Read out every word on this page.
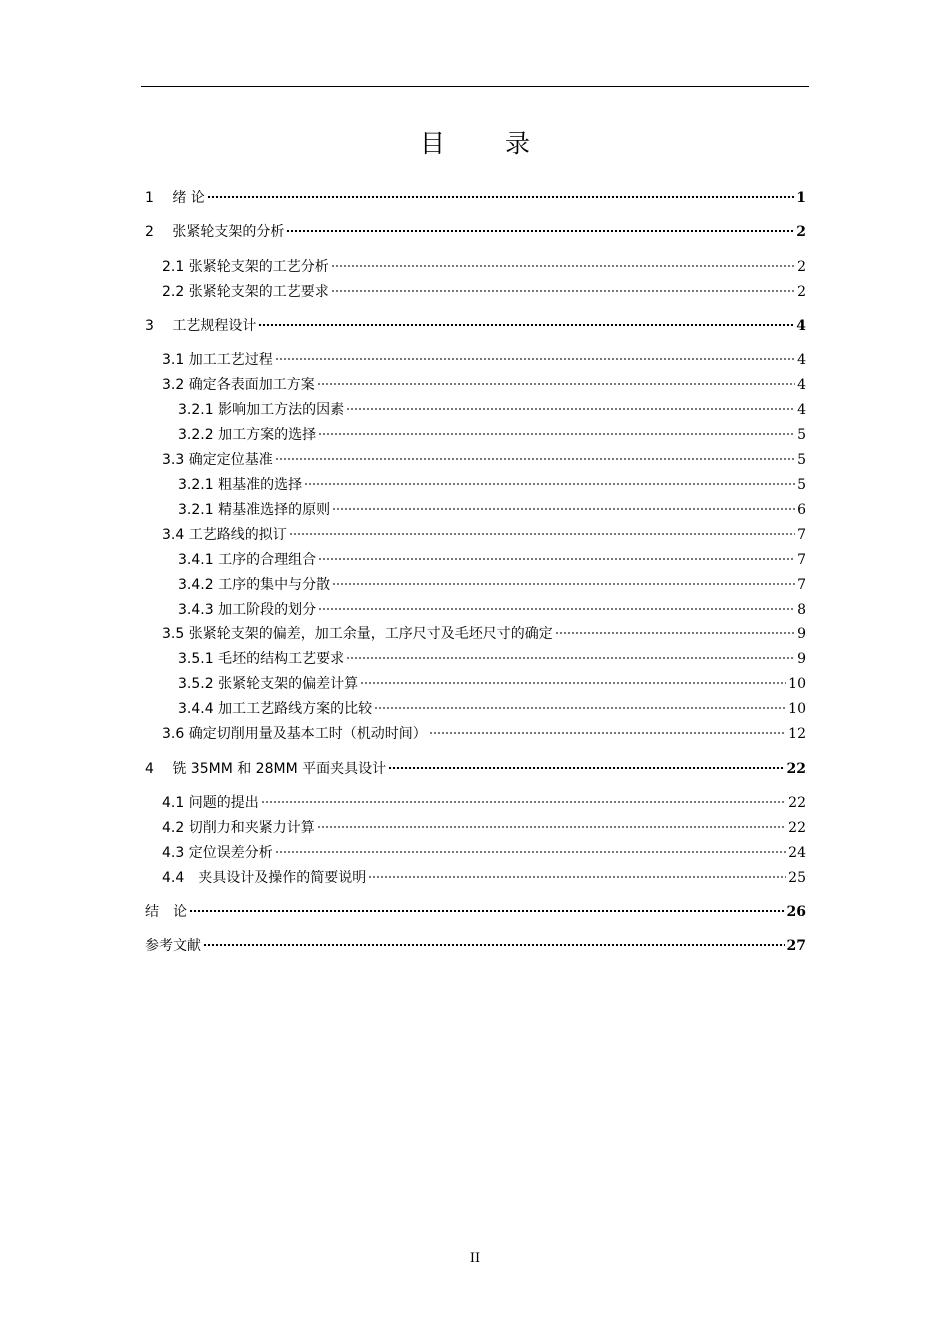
目 录
1　 绪 论	1
2　 张紧轮支架的分析	2
2.1 张紧轮支架的工艺分析	2
2.2 张紧轮支架的工艺要求	2
3　 工艺规程设计	4
3.1 加工工艺过程	4
3.2 确定各表面加工方案	4
3.2.1 影响加工方法的因素	4
3.2.2 加工方案的选择	5
3.3 确定定位基准	5
3.2.1 粗基准的选择	5
3.2.1 精基准选择的原则	6
3.4 工艺路线的拟订	7
3.4.1 工序的合理组合	7
3.4.2 工序的集中与分散	7
3.4.3 加工阶段的划分	8
3.5 张紧轮支架的偏差，加工余量，工序尺寸及毛坯尺寸的确定	9
3.5.1 毛坯的结构工艺要求	9
3.5.2 张紧轮支架的偏差计算	10
3.4.4 加工工艺路线方案的比较	10
3.6 确定切削用量及基本工时（机动时间）	12
4　 铣 35MM 和 28MM 平面夹具设计	22
4.1 问题的提出	22
4.2 切削力和夹紧力计算	22
4.3 定位误差分析	24
4.4　夹具设计及操作的简要说明	25
结　论	26
参考文献	27
II
